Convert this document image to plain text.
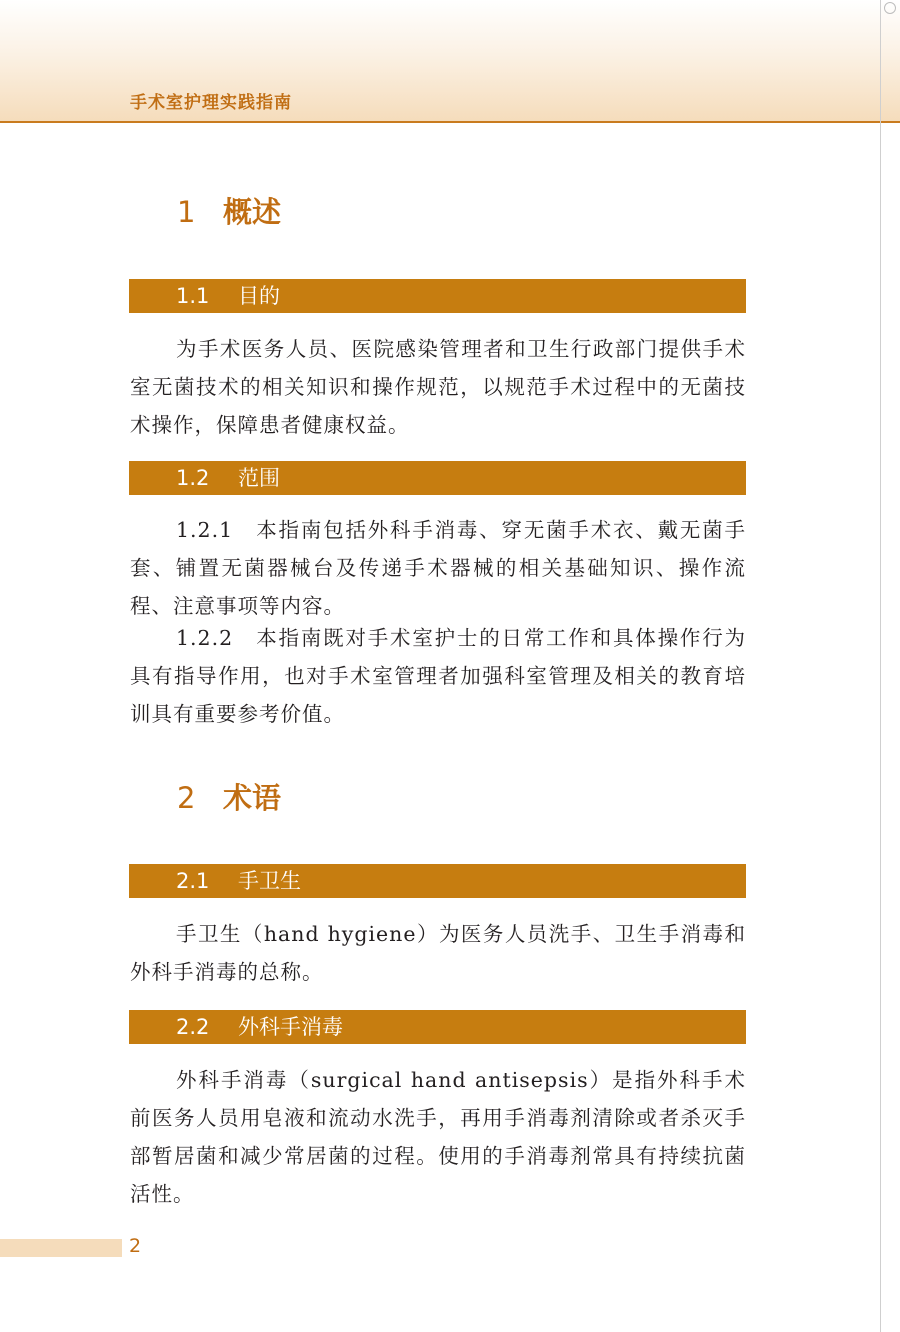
手术室护理实践指南
1 概述
1.1 目的
为手术医务人员、医院感染管理者和卫生行政部门提供手术室无菌技术的相关知识和操作规范，以规范手术过程中的无菌技术操作，保障患者健康权益。
1.2 范围
1.2.1　本指南包括外科手消毒、穿无菌手术衣、戴无菌手套、铺置无菌器械台及传递手术器械的相关基础知识、操作流程、注意事项等内容。
1.2.2　本指南既对手术室护士的日常工作和具体操作行为具有指导作用，也对手术室管理者加强科室管理及相关的教育培训具有重要参考价值。
2 术语
2.1 手卫生
手卫生（hand hygiene）为医务人员洗手、卫生手消毒和外科手消毒的总称。
2.2 外科手消毒
外科手消毒（surgical hand antisepsis）是指外科手术前医务人员用皂液和流动水洗手，再用手消毒剂清除或者杀灭手部暂居菌和减少常居菌的过程。使用的手消毒剂常具有持续抗菌活性。
2
